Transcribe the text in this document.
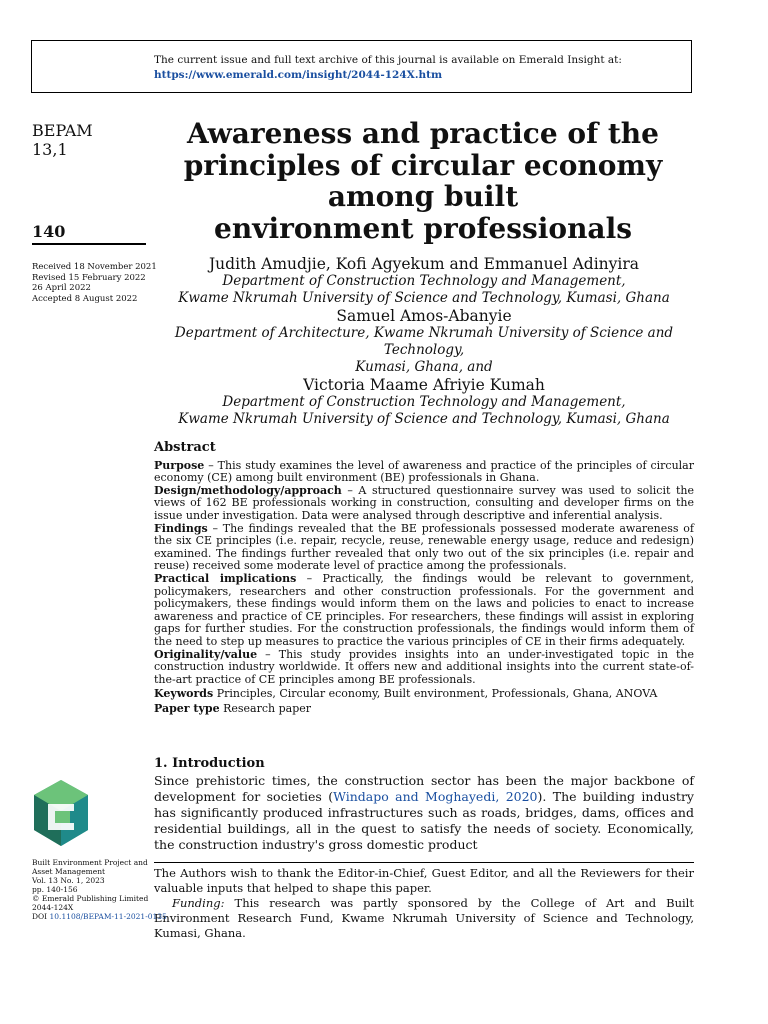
The current issue and full text archive of this journal is available on Emerald Insight at:
https://www.emerald.com/insight/2044-124X.htm
BEPAM
13,1
140
Received 18 November 2021
Revised 15 February 2022
26 April 2022
Accepted 8 August 2022
Awareness and practice of the
principles of circular economy
among built
environment professionals
Judith Amudjie, Kofi Agyekum and Emmanuel Adinyira
Department of Construction Technology and Management,
Kwame Nkrumah University of Science and Technology, Kumasi, Ghana
Samuel Amos-Abanyie
Department of Architecture, Kwame Nkrumah University of Science and Technology,
Kumasi, Ghana, and
Victoria Maame Afriyie Kumah
Department of Construction Technology and Management,
Kwame Nkrumah University of Science and Technology, Kumasi, Ghana
Abstract

Purpose – This study examines the level of awareness and practice of the principles of circular economy (CE) among built environment (BE) professionals in Ghana.

Design/methodology/approach – A structured questionnaire survey was used to solicit the views of 162 BE professionals working in construction, consulting and developer firms on the issue under investigation. Data were analysed through descriptive and inferential analysis.

Findings – The findings revealed that the BE professionals possessed moderate awareness of the six CE principles (i.e. repair, recycle, reuse, renewable energy usage, reduce and redesign) examined. The findings further revealed that only two out of the six principles (i.e. repair and reuse) received some moderate level of practice among the professionals.

Practical implications – Practically, the findings would be relevant to government, policymakers, researchers and other construction professionals. For the government and policymakers, these findings would inform them on the laws and policies to enact to increase awareness and practice of CE principles. For researchers, these findings will assist in exploring gaps for further studies. For the construction professionals, the findings would inform them of the need to step up measures to practice the various principles of CE in their firms adequately.

Originality/value – This study provides insights into an under-investigated topic in the construction industry worldwide. It offers new and additional insights into the current state-of-the-art practice of CE principles among BE professionals.

Keywords Principles, Circular economy, Built environment, Professionals, Ghana, ANOVA

Paper type Research paper

1. Introduction

Since prehistoric times, the construction sector has been the major backbone of development for societies (Windapo and Moghayedi, 2020). The building industry has significantly produced infrastructures such as roads, bridges, dams, offices and residential buildings, all in the quest to satisfy the needs of society. Economically, the construction industry's gross domestic product

The Authors wish to thank the Editor-in-Chief, Guest Editor, and all the Reviewers for their valuable inputs that helped to shape this paper.

Funding: This research was partly sponsored by the College of Art and Built Environment Research Fund, Kwame Nkrumah University of Science and Technology, Kumasi, Ghana.

Built Environment Project and
Asset Management
Vol. 13 No. 1, 2023
pp. 140-156
© Emerald Publishing Limited
2044-124X
DOI 10.1108/BEPAM-11-2021-0135
